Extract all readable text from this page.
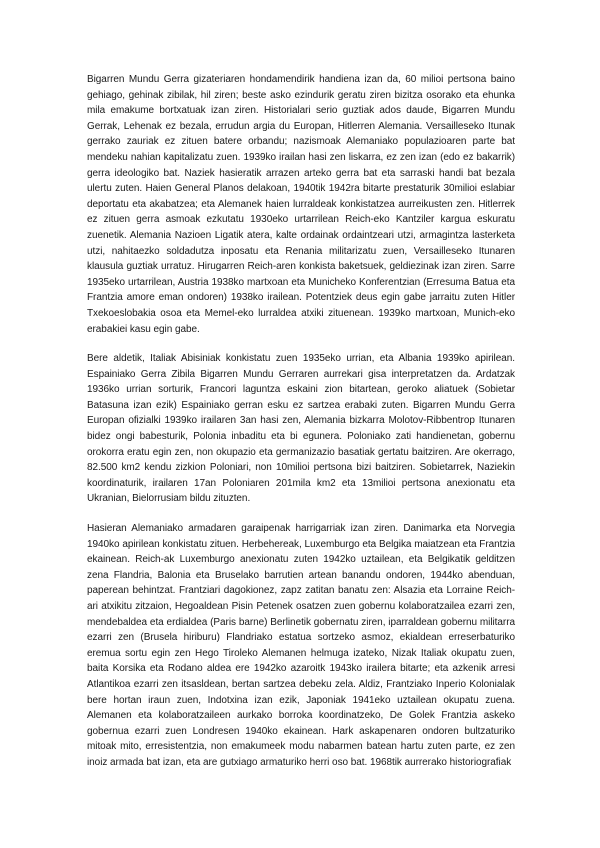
Bigarren Mundu Gerra gizateriaren hondamendirik handiena izan da, 60 milioi pertsona baino gehiago, gehinak zibilak, hil ziren; beste asko ezindurik geratu ziren bizitza osorako eta ehunka mila emakume bortxatuak izan ziren. Historialari serio guztiak ados daude, Bigarren Mundu Gerrak, Lehenak ez bezala, errudun argia du Europan, Hitlerren Alemania. Versailleseko Itunak gerrako zauriak ez zituen batere orbandu; nazismoak Alemaniako populazioaren parte bat mendeku nahian kapitalizatu zuen. 1939ko irailan hasi zen liskarra, ez zen izan (edo ez bakarrik) gerra ideologiko bat. Naziek hasieratik arrazen arteko gerra bat eta sarraski handi bat bezala ulertu zuten. Haien General Planos delakoan, 1940tik 1942ra bitarte prestaturik 30milioi eslabiar deportatu eta akabatzea; eta Alemanek haien lurraldeak konkistatzea aurreikusten zen. Hitlerrek ez zituen gerra asmoak ezkutatu 1930eko urtarrilean Reich-eko Kantziler kargua eskuratu zuenetik. Alemania Nazioen Ligatik atera, kalte ordainak ordaintzeari utzi, armagintza lasterketa utzi, nahitaezko soldadutza inposatu eta Renania militarizatu zuen, Versailleseko Itunaren klausula guztiak urratuz. Hirugarren Reich-aren konkista baketsuek, geldiezinak izan ziren. Sarre 1935eko urtarrilean, Austria 1938ko martxoan eta Municheko Konferentzian (Erresuma Batua eta Frantzia amore eman ondoren) 1938ko irailean. Potentziek deus egin gabe jarraitu zuten Hitler Txekoeslobakia osoa eta Memel-eko lurraldea atxiki zituenean. 1939ko martxoan, Munich-eko erabakiei kasu egin gabe.

Bere aldetik, Italiak Abisiniak konkistatu zuen 1935eko urrian, eta Albania 1939ko apirilean. Espainiako Gerra Zibila Bigarren Mundu Gerraren aurrekari gisa interpretatzen da. Ardatzak 1936ko urrian sorturik, Francori laguntza eskaini zion bitartean, geroko aliatuek (Sobietar Batasuna izan ezik) Espainiako gerran esku ez sartzea erabaki zuten. Bigarren Mundu Gerra Europan ofizialki 1939ko irailaren 3an hasi zen, Alemania bizkarra Molotov-Ribbentrop Itunaren bidez ongi babesturik, Polonia inbaditu eta bi egunera. Poloniako zati handienetan, gobernu orokorra eratu egin zen, non okupazio eta germanizazio basatiak gertatu baitziren. Are okerrago, 82.500 km2 kendu zizkion Poloniari, non 10milioi pertsona bizi baitziren. Sobietarrek, Naziekin koordinaturik, irailaren 17an Poloniaren 201mila km2 eta 13milioi pertsona anexionatu eta Ukranian, Bielorrusiam bildu zituzten.

Hasieran Alemaniako armadaren garaipenak harrigarriak izan ziren. Danimarka eta Norvegia 1940ko apirilean konkistatu zituen. Herbehereak, Luxemburgo eta Belgika maiatzean eta Frantzia ekainean. Reich-ak Luxemburgo anexionatu zuten 1942ko uztailean, eta Belgikatik gelditzen zena Flandria, Balonia eta Bruselako barrutien artean banandu ondoren, 1944ko abenduan, paperean behintzat. Frantziari dagokionez, zapz zatitan banatu zen: Alsazia eta Lorraine Reich-ari atxikitu zitzaion, Hegoaldean Pisin Petenek osatzen zuen gobernu kolaboratzailea ezarri zen, mendebaldea eta erdialdea (Paris barne) Berlinetik gobernatu ziren, iparraldean gobernu militarra ezarri zen (Brusela hiriburu) Flandriako estatua sortzeko asmoz, ekialdean erreserbaturiko eremua sortu egin zen Hego Tiroleko Alemanen helmuga izateko, Nizak Italiak okupatu zuen, baita Korsika eta Rodano aldea ere 1942ko azaroitk 1943ko irailera bitarte; eta azkenik arresi Atlantikoa ezarri zen itsasldean, bertan sartzea debeku zela. Aldiz, Frantziako Inperio Kolonialak bere hortan iraun zuen, Indotxina izan ezik, Japoniak 1941eko uztailean okupatu zuena. Alemanen eta kolaboratzaileen aurkako borroka koordinatzeko, De Golek Frantzia askeko gobernua ezarri zuen Londresen 1940ko ekainean. Hark askapenaren ondoren bultzaturiko mitoak mito, erresistentzia, non emakumeek modu nabarmen batean hartu zuten parte, ez zen inoiz armada bat izan, eta are gutxiago armaturiko herri oso bat. 1968tik aurrerako historiografiak
